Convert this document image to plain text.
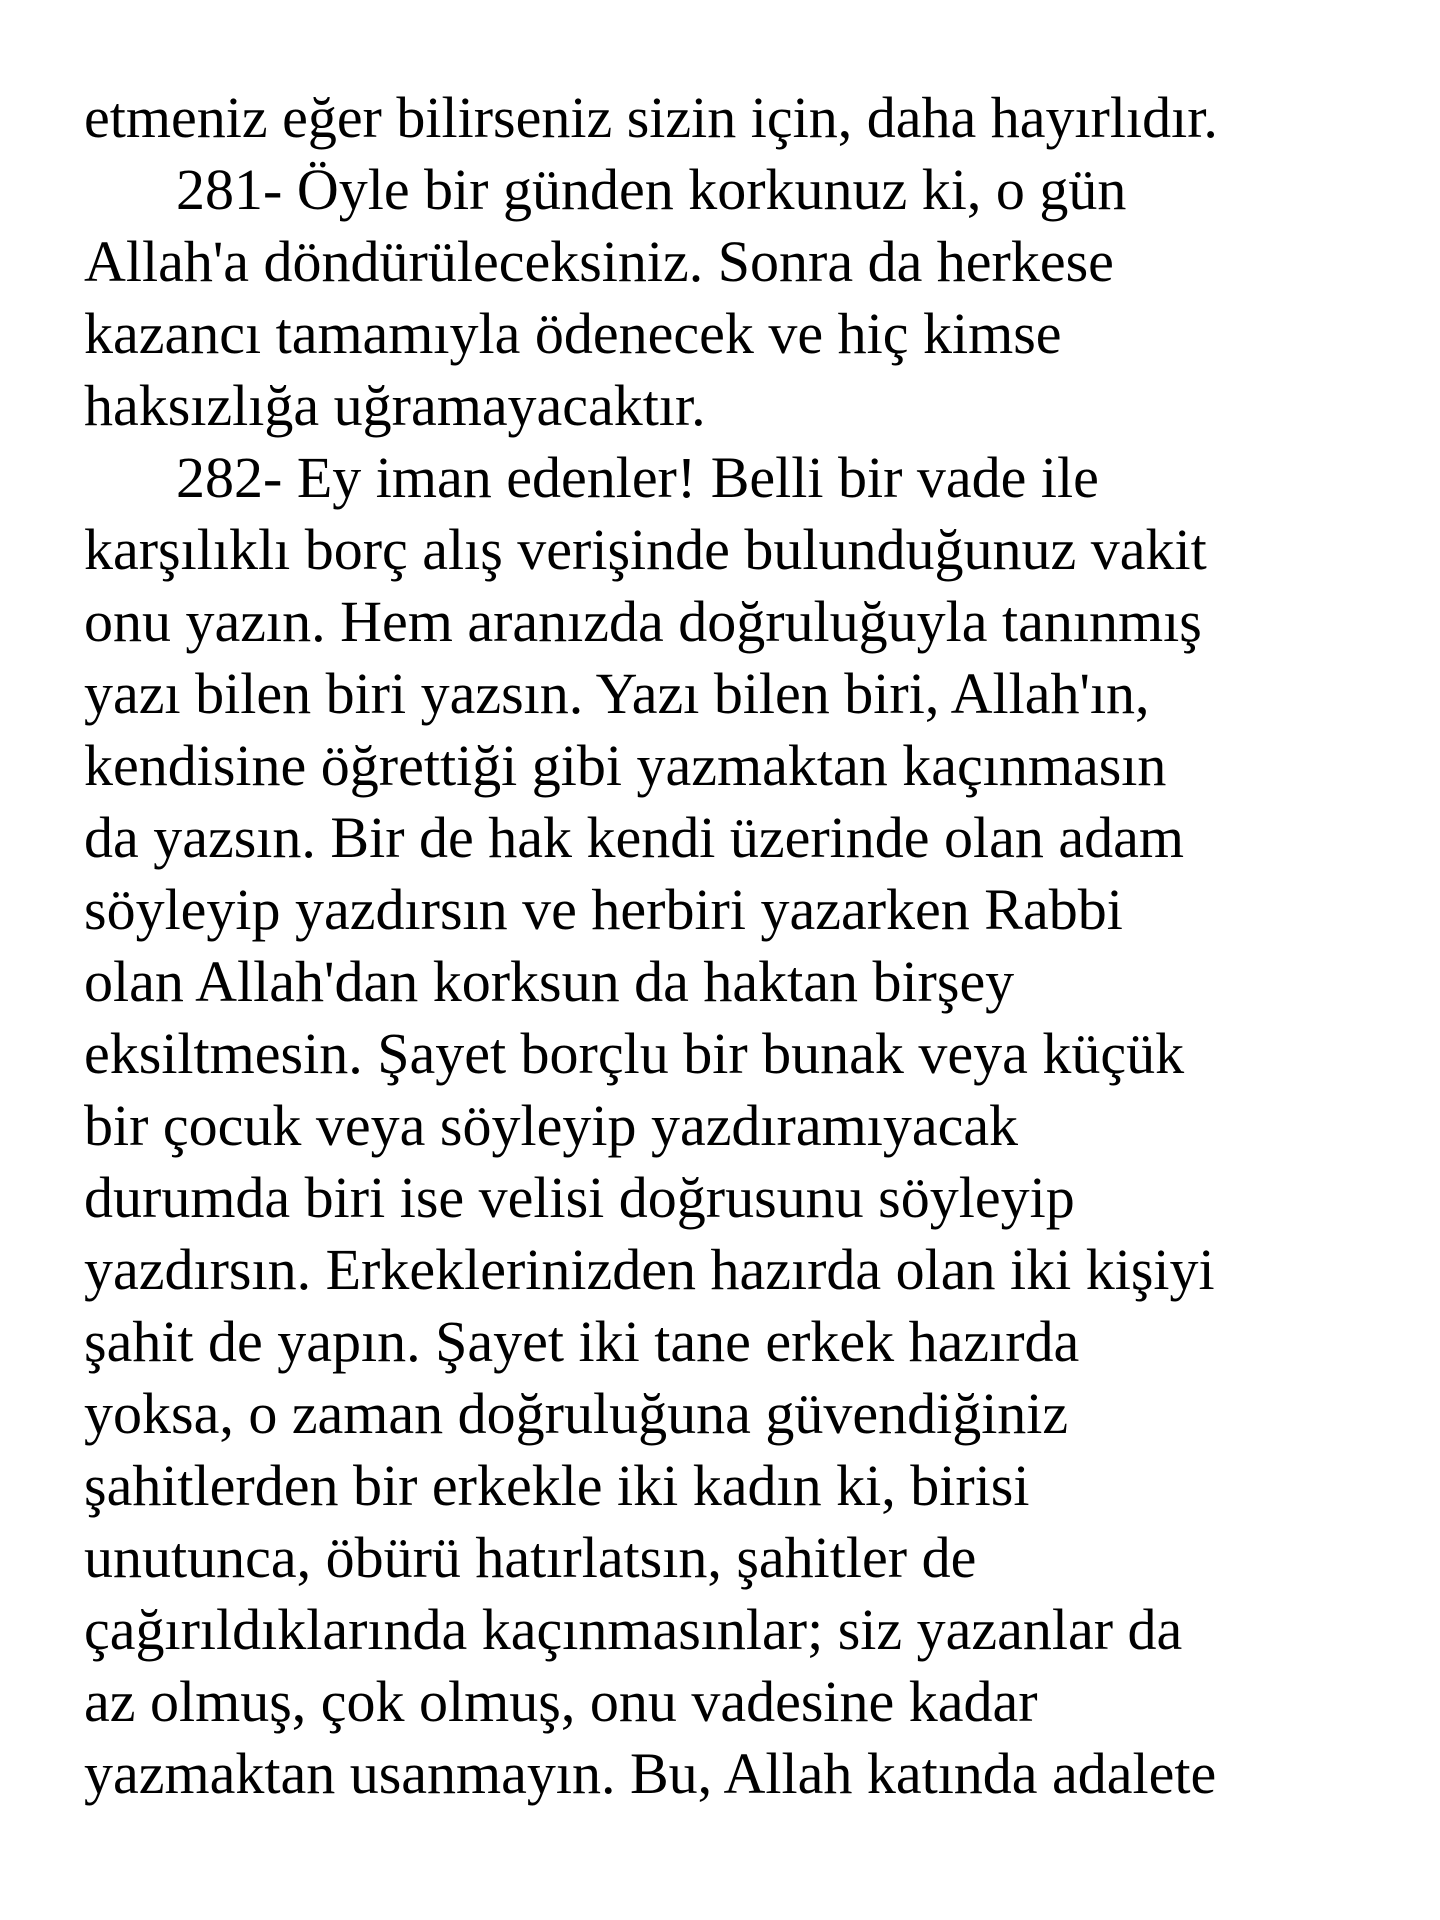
etmeniz eğer bilirseniz sizin için, daha hayırlıdır.
281- Öyle bir günden korkunuz ki, o gün
Allah'a döndürüleceksiniz. Sonra da herkese
kazancı tamamıyla ödenecek ve hiç kimse
haksızlığa uğramayacaktır.
282- Ey iman edenler! Belli bir vade ile
karşılıklı borç alış verişinde bulunduğunuz vakit
onu yazın. Hem aranızda doğruluğuyla tanınmış
yazı bilen biri yazsın. Yazı bilen biri, Allah'ın,
kendisine öğrettiği gibi yazmaktan kaçınmasın
da yazsın. Bir de hak kendi üzerinde olan adam
söyleyip yazdırsın ve herbiri yazarken Rabbi
olan Allah'dan korksun da haktan birşey
eksiltmesin. Şayet borçlu bir bunak veya küçük
bir çocuk veya söyleyip yazdıramıyacak
durumda biri ise velisi doğrusunu söyleyip
yazdırsın. Erkeklerinizden hazırda olan iki kişiyi
şahit de yapın. Şayet iki tane erkek hazırda
yoksa, o zaman doğruluğuna güvendiğiniz
şahitlerden bir erkekle iki kadın ki, birisi
unutunca, öbürü hatırlatsın, şahitler de
çağırıldıklarında kaçınmasınlar; siz yazanlar da
az olmuş, çok olmuş, onu vadesine kadar
yazmaktan usanmayın. Bu, Allah katında adalete
